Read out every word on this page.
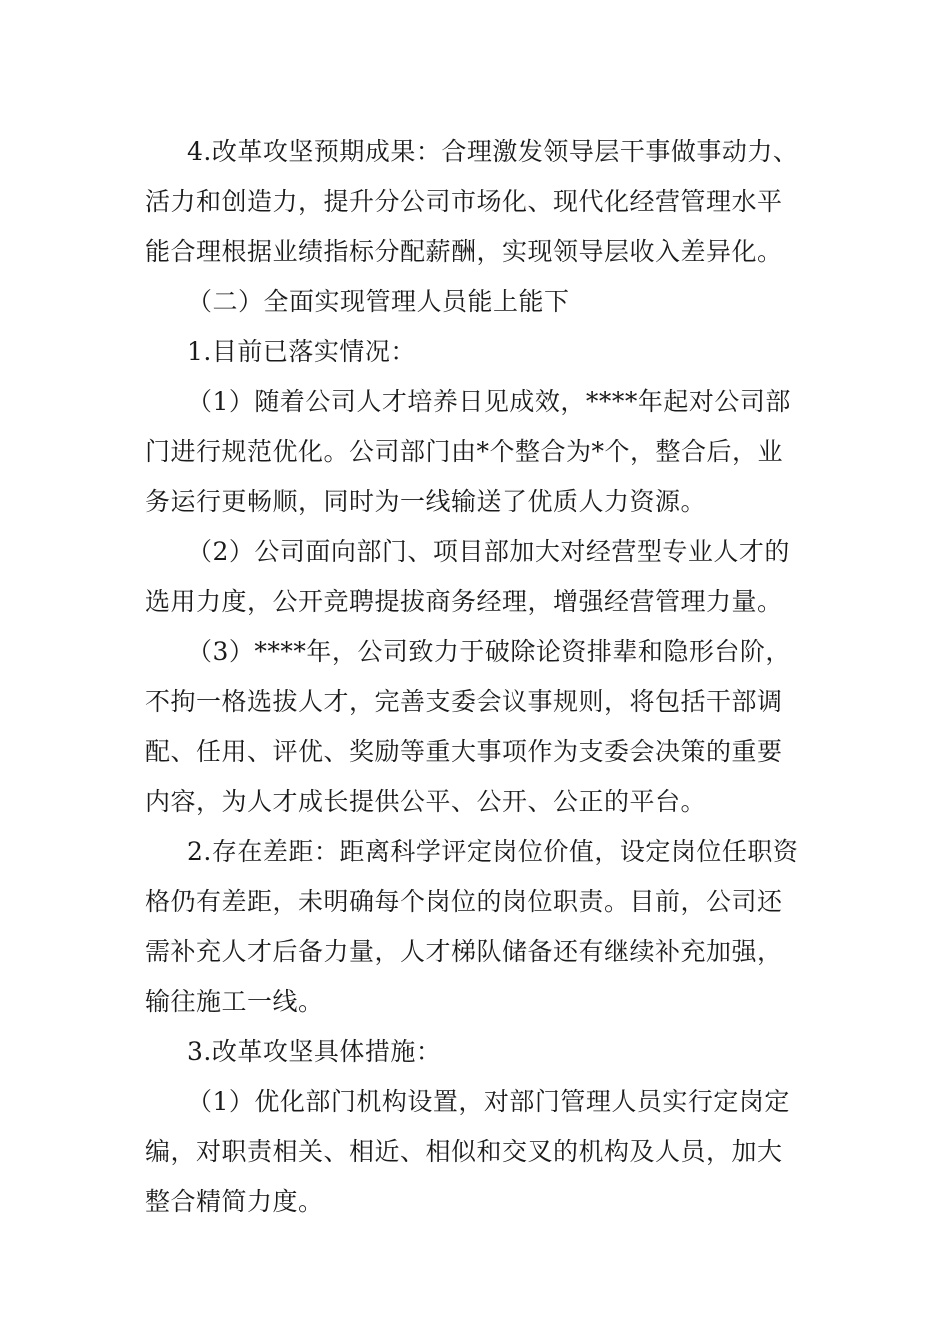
4.改革攻坚预期成果：合理激发领导层干事做事动力、
活力和创造力，提升分公司市场化、现代化经营管理水平
能合理根据业绩指标分配薪酬，实现领导层收入差异化。
（二）全面实现管理人员能上能下
1.目前已落实情况：
（1）随着公司人才培养日见成效，****年起对公司部
门进行规范优化。公司部门由*个整合为*个，整合后，业
务运行更畅顺，同时为一线输送了优质人力资源。
（2）公司面向部门、项目部加大对经营型专业人才的
选用力度，公开竞聘提拔商务经理，增强经营管理力量。
（3）****年，公司致力于破除论资排辈和隐形台阶，
不拘一格选拔人才，完善支委会议事规则，将包括干部调
配、任用、评优、奖励等重大事项作为支委会决策的重要
内容，为人才成长提供公平、公开、公正的平台。
2.存在差距：距离科学评定岗位价值，设定岗位任职资
格仍有差距，未明确每个岗位的岗位职责。目前，公司还
需补充人才后备力量，人才梯队储备还有继续补充加强，
输往施工一线。
3.改革攻坚具体措施：
（1）优化部门机构设置，对部门管理人员实行定岗定
编，对职责相关、相近、相似和交叉的机构及人员，加大
整合精简力度。
